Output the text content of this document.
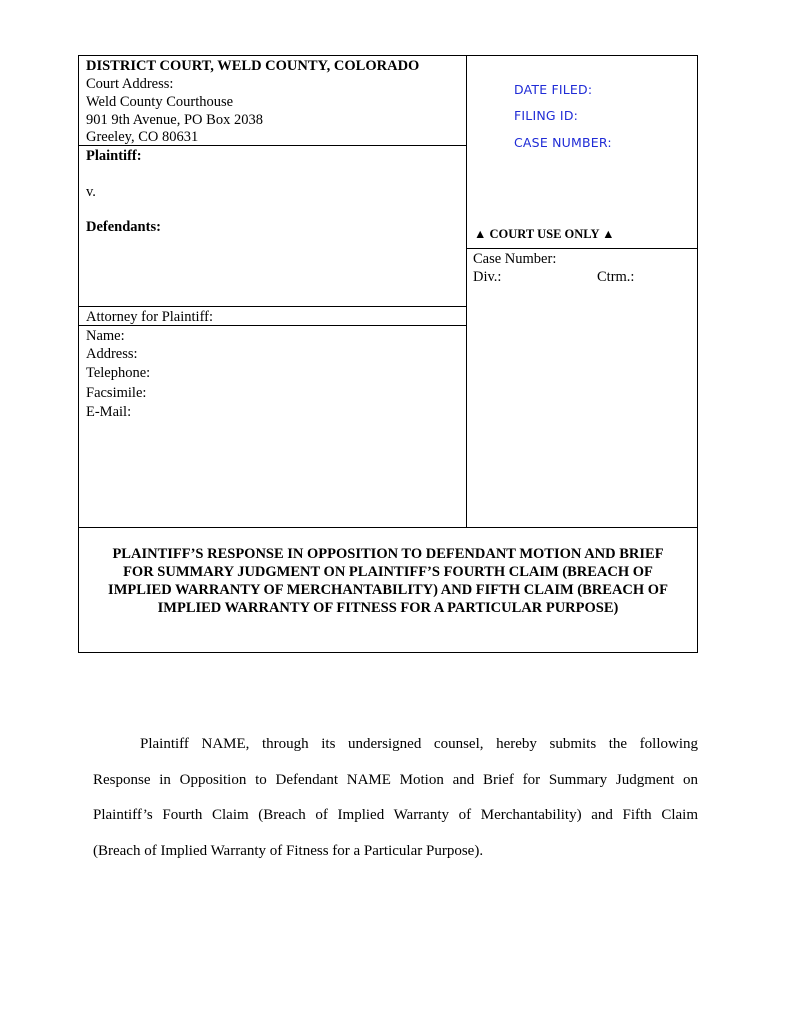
DISTRICT COURT, WELD COUNTY, COLORADO
Court Address:
Weld County Courthouse
901 9th Avenue, PO Box 2038
Greeley, CO 80631
Plaintiff:
v.
Defendants:
Attorney for Plaintiff:
Name:
Address:
Telephone:
Facsimile:
E-Mail:
DATE FILED:
FILING ID:
CASE NUMBER:
▲ COURT USE ONLY ▲
Case Number:
Div.:	Ctrm.:
PLAINTIFF’S RESPONSE IN OPPOSITION TO DEFENDANT MOTION AND BRIEF
FOR SUMMARY JUDGMENT ON PLAINTIFF’S FOURTH CLAIM (BREACH OF
IMPLIED WARRANTY OF MERCHANTABILITY) AND FIFTH CLAIM (BREACH OF
IMPLIED WARRANTY OF FITNESS FOR A PARTICULAR PURPOSE)
Plaintiff NAME, through its undersigned counsel, hereby submits the following
Response in Opposition to Defendant NAME Motion and Brief for Summary Judgment on
Plaintiff’s Fourth Claim (Breach of Implied Warranty of Merchantability) and Fifth Claim
(Breach of Implied Warranty of Fitness for a Particular Purpose).
